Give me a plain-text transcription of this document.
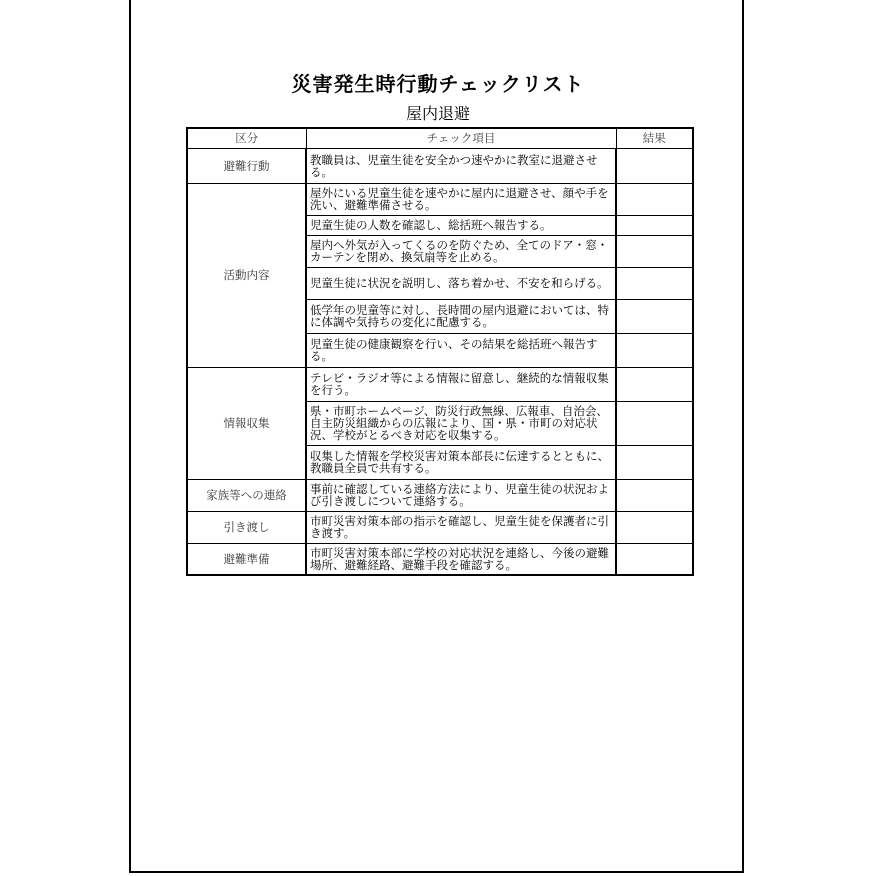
災害発生時行動チェックリスト
屋内退避
区分	チェック項目	結果
避難行動	教職員は、児童生徒を安全かつ速やかに教室に退避させる。	
活動内容	屋外にいる児童生徒を速やかに屋内に退避させ、顔や手を洗い、避難準備させる。	
	児童生徒の人数を確認し、総括班へ報告する。	
	屋内へ外気が入ってくるのを防ぐため、全てのドア・窓・カーテンを閉め、換気扇等を止める。	
	児童生徒に状況を説明し、落ち着かせ、不安を和らげる。	
	低学年の児童等に対し、長時間の屋内退避においては、特に体調や気持ちの変化に配慮する。	
	児童生徒の健康観察を行い、その結果を総括班へ報告する。	
情報収集	テレビ・ラジオ等による情報に留意し、継続的な情報収集を行う。	
	県・市町ホームページ、防災行政無線、広報車、自治会、自主防災組織からの広報により、国・県・市町の対応状況、学校がとるべき対応を収集する。	
	収集した情報を学校災害対策本部長に伝達するとともに、教職員全員で共有する。	
家族等への連絡	事前に確認している連絡方法により、児童生徒の状況および引き渡しについて連絡する。	
引き渡し	市町災害対策本部の指示を確認し、児童生徒を保護者に引き渡す。	
避難準備	市町災害対策本部に学校の対応状況を連絡し、今後の避難場所、避難経路、避難手段を確認する。	
